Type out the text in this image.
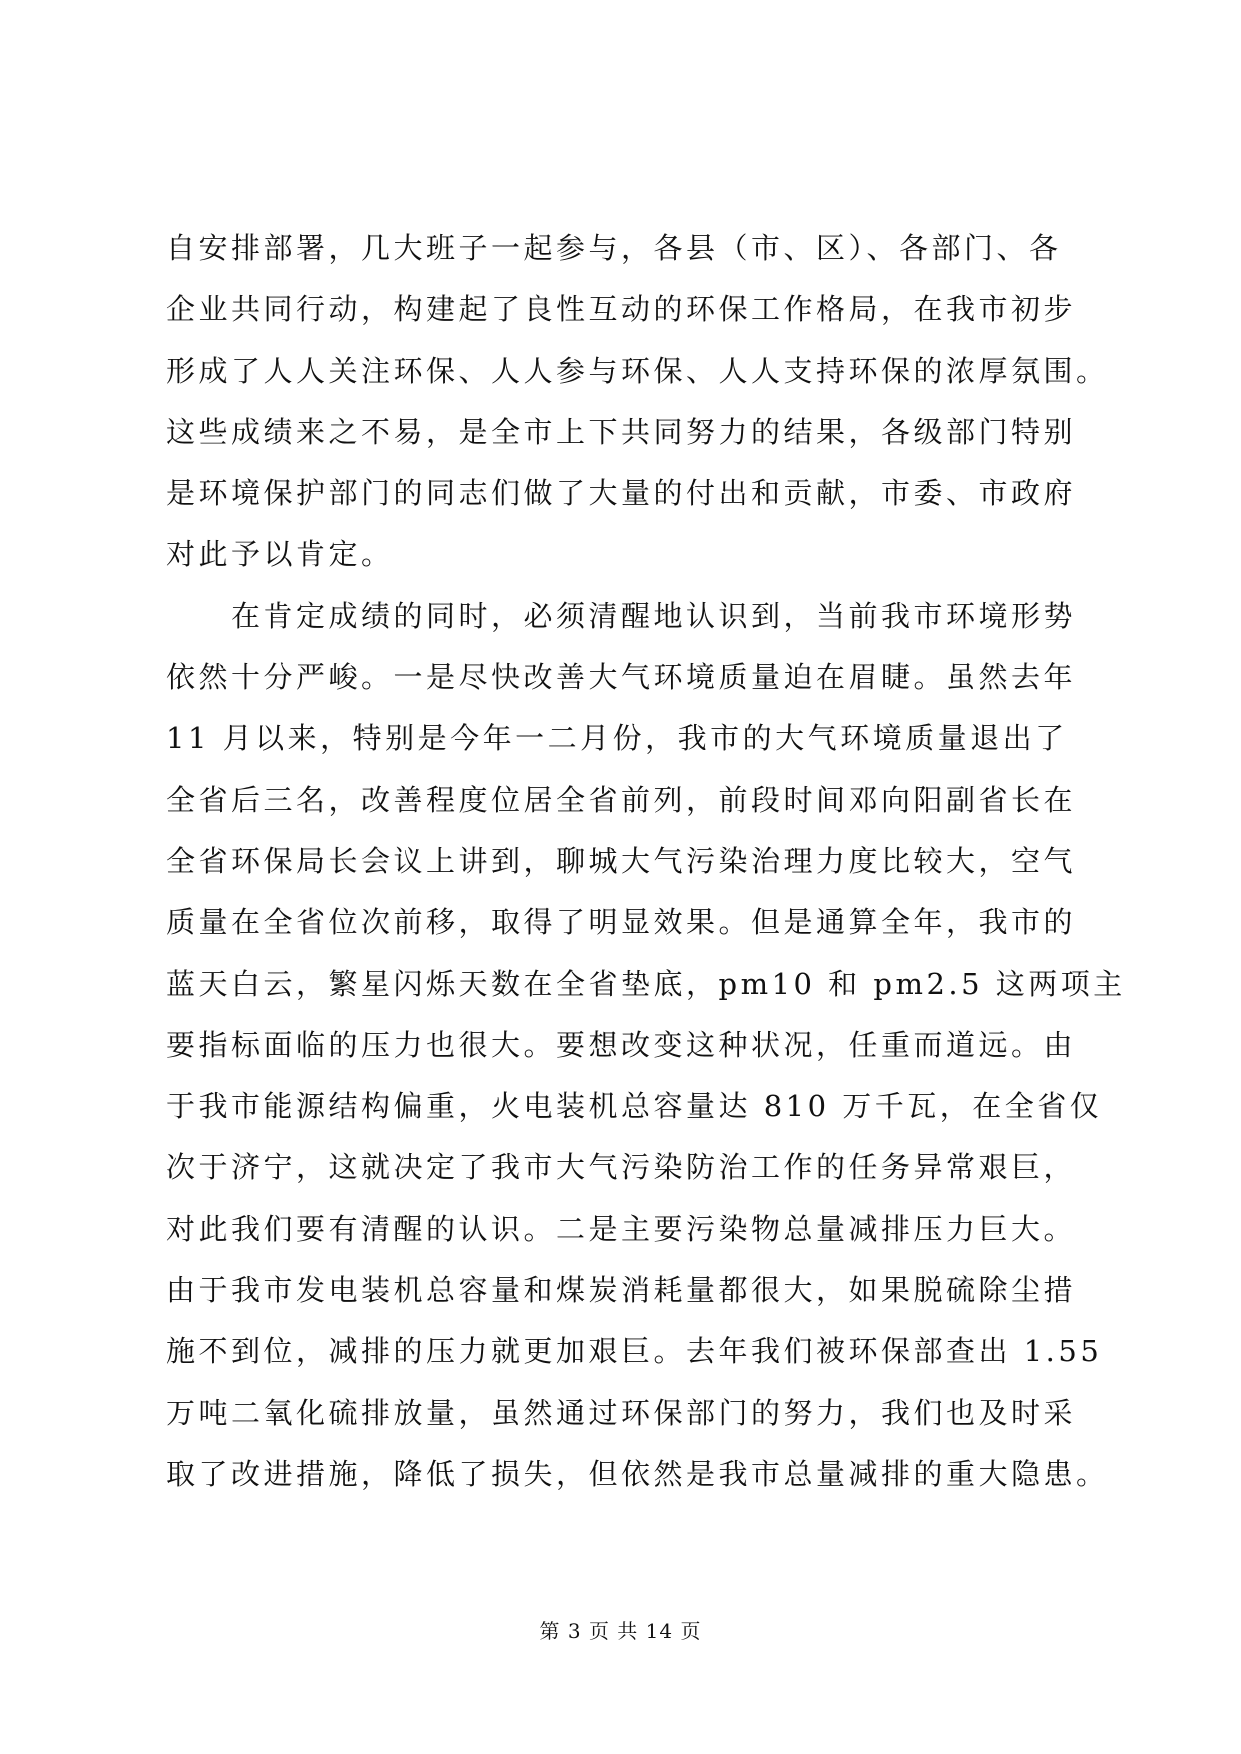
自安排部署，几大班子一起参与，各县（市、区）、各部门、各
企业共同行动，构建起了良性互动的环保工作格局，在我市初步
形成了人人关注环保、人人参与环保、人人支持环保的浓厚氛围。
这些成绩来之不易，是全市上下共同努力的结果，各级部门特别
是环境保护部门的同志们做了大量的付出和贡献，市委、市政府
对此予以肯定。
　　在肯定成绩的同时，必须清醒地认识到，当前我市环境形势
依然十分严峻。一是尽快改善大气环境质量迫在眉睫。虽然去年
11 月以来，特别是今年一二月份，我市的大气环境质量退出了
全省后三名，改善程度位居全省前列，前段时间邓向阳副省长在
全省环保局长会议上讲到，聊城大气污染治理力度比较大，空气
质量在全省位次前移，取得了明显效果。但是通算全年，我市的
蓝天白云，繁星闪烁天数在全省垫底，pm10 和 pm2.5 这两项主
要指标面临的压力也很大。要想改变这种状况，任重而道远。由
于我市能源结构偏重，火电装机总容量达 810 万千瓦，在全省仅
次于济宁，这就决定了我市大气污染防治工作的任务异常艰巨，
对此我们要有清醒的认识。二是主要污染物总量减排压力巨大。
由于我市发电装机总容量和煤炭消耗量都很大，如果脱硫除尘措
施不到位，减排的压力就更加艰巨。去年我们被环保部查出 1.55
万吨二氧化硫排放量，虽然通过环保部门的努力，我们也及时采
取了改进措施，降低了损失，但依然是我市总量减排的重大隐患。
第 3 页 共 14 页
